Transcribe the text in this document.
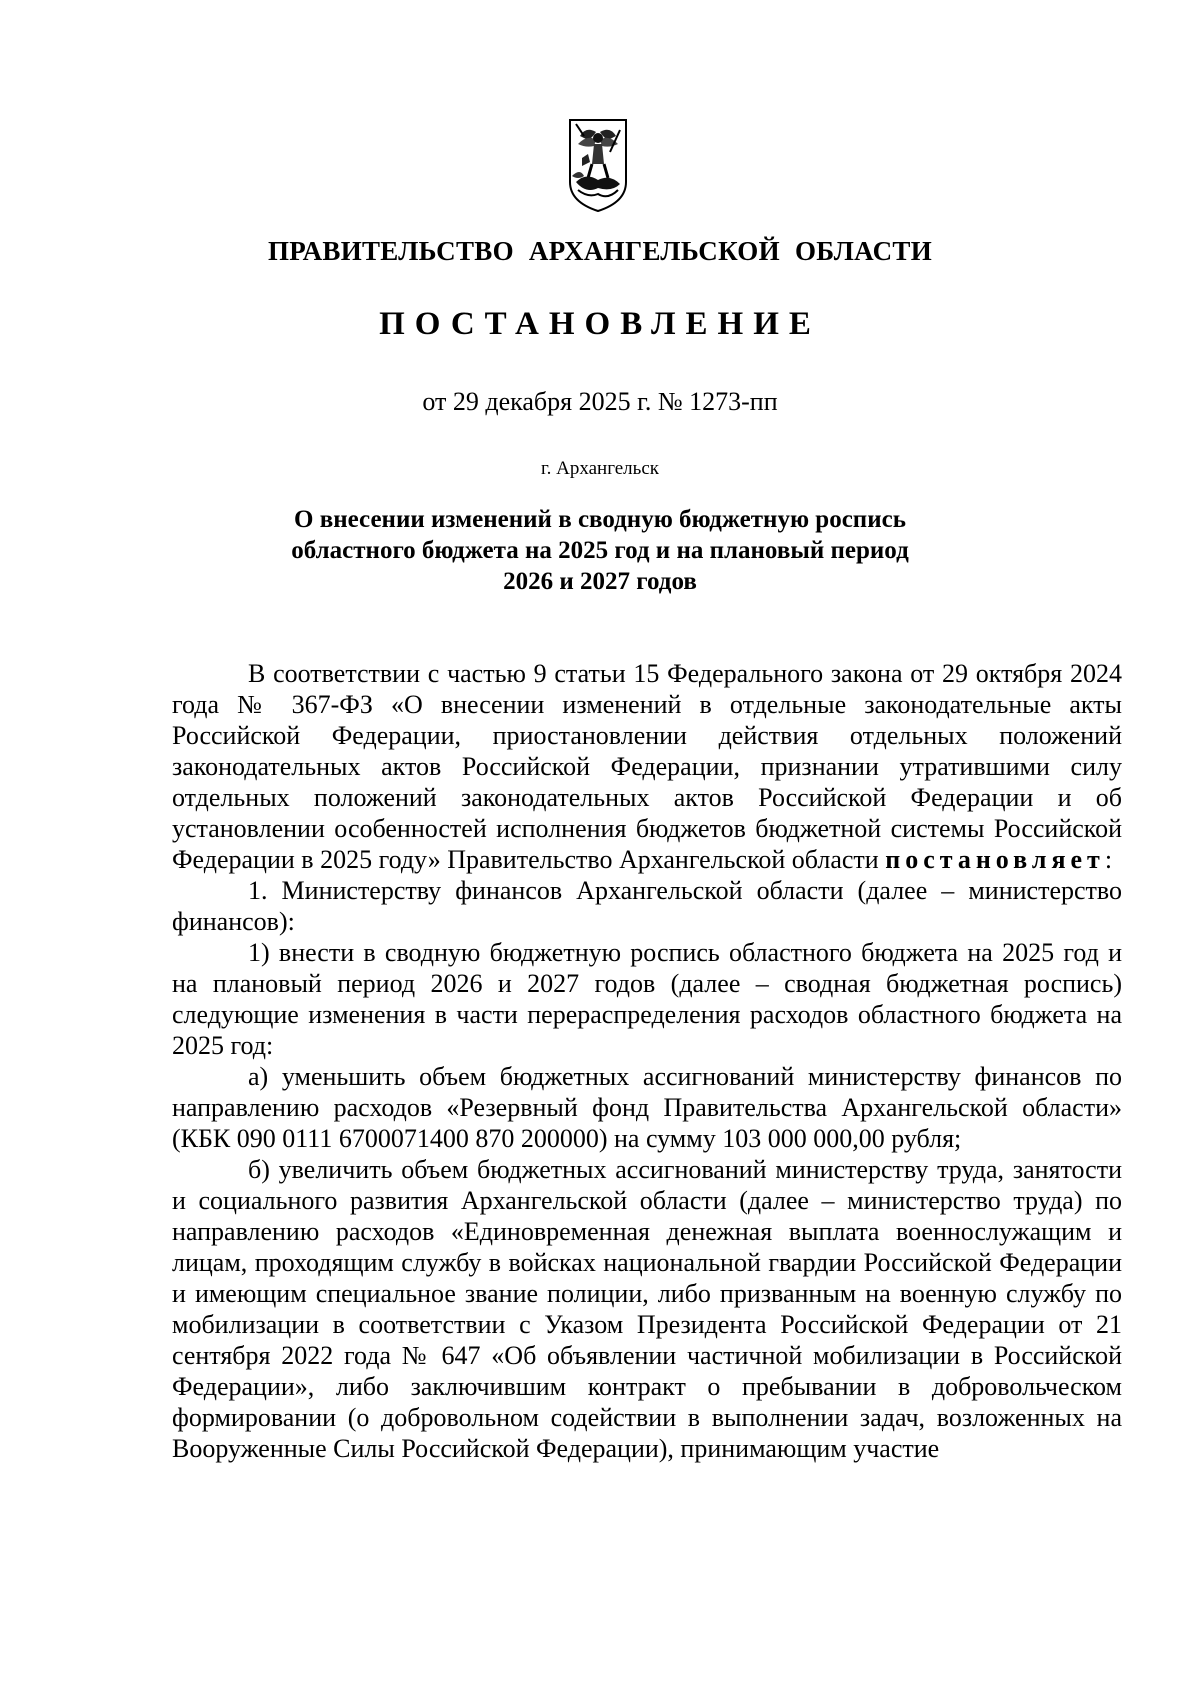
ПРАВИТЕЛЬСТВО АРХАНГЕЛЬСКОЙ ОБЛАСТИ
ПОСТАНОВЛЕНИЕ
от 29 декабря 2025 г. № 1273-пп
г. Архангельск
О внесении изменений в сводную бюджетную роспись
областного бюджета на 2025 год и на плановый период
2026 и 2027 годов

В соответствии с частью 9 статьи 15 Федерального закона от 29 октября 2024 года № 367-ФЗ «О внесении изменений в отдельные законодательные акты Российской Федерации, приостановлении действия отдельных положений законодательных актов Российской Федерации, признании утратившими силу отдельных положений законодательных актов Российской Федерации и об установлении особенностей исполнения бюджетов бюджетной системы Российской Федерации в 2025 году» Правительство Архангельской области постановляет:

1. Министерству финансов Архангельской области (далее – министерство финансов):

1) внести в сводную бюджетную роспись областного бюджета на 2025 год и на плановый период 2026 и 2027 годов (далее – сводная бюджетная роспись) следующие изменения в части перераспределения расходов областного бюджета на 2025 год:

а) уменьшить объем бюджетных ассигнований министерству финансов по направлению расходов «Резервный фонд Правительства Архангельской области» (КБК 090 0111 6700071400 870 200000) на сумму 103 000 000,00 рубля;

б) увеличить объем бюджетных ассигнований министерству труда, занятости и социального развития Архангельской области (далее – министерство труда) по направлению расходов «Единовременная денежная выплата военнослужащим и лицам, проходящим службу в войсках национальной гвардии Российской Федерации и имеющим специальное звание полиции, либо призванным на военную службу по мобилизации в соответствии с Указом Президента Российской Федерации от 21 сентября 2022 года № 647 «Об объявлении частичной мобилизации в Российской Федерации», либо заключившим контракт о пребывании в добровольческом формировании (о добровольном содействии в выполнении задач, возложенных на Вооруженные Силы Российской Федерации), принимающим участие
